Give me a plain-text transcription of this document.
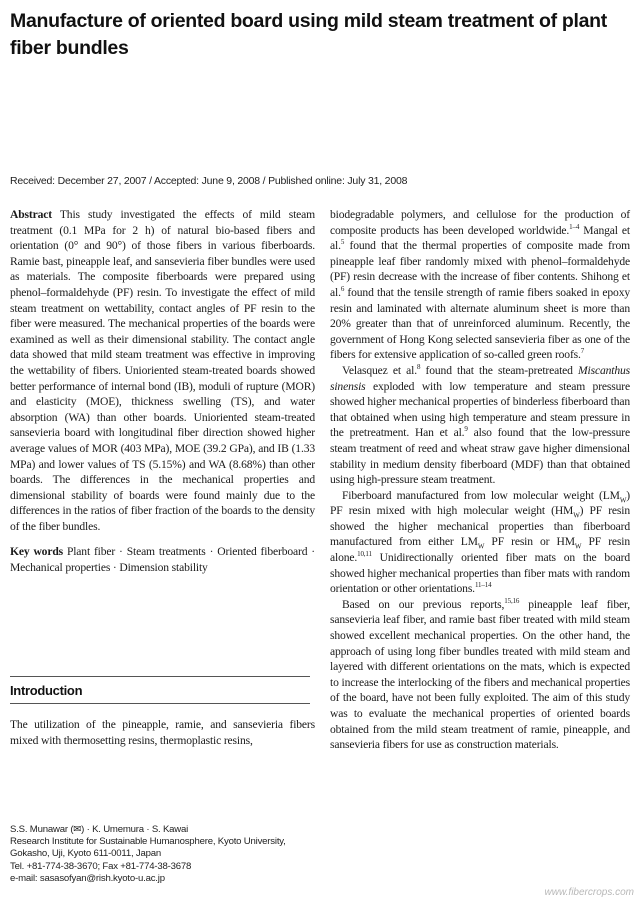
Manufacture of oriented board using mild steam treatment of plant fiber bundles
Received: December 27, 2007 / Accepted: June 9, 2008 / Published online: July 31, 2008

Abstract This study investigated the effects of mild steam treatment (0.1 MPa for 2 h) of natural bio-based fibers and orientation (0° and 90°) of those fibers in various fiberboards. Ramie bast, pineapple leaf, and sansevieria fiber bundles were used as materials. The composite fiberboards were prepared using phenol–formaldehyde (PF) resin. To investigate the effect of mild steam treatment on wettability, contact angles of PF resin to the fiber were measured. The mechanical properties of the boards were examined as well as their dimensional stability. The contact angle data showed that mild steam treatment was effective in improving the wettability of fibers. Unioriented steam-treated boards showed better performance of internal bond (IB), moduli of rupture (MOR) and elasticity (MOE), thickness swelling (TS), and water absorption (WA) than other boards. Unioriented steam-treated sansevieria board with longitudinal fiber direction showed higher average values of MOR (403 MPa), MOE (39.2 GPa), and IB (1.33 MPa) and lower values of TS (5.15%) and WA (8.68%) than other boards. The differences in the mechanical properties and dimensional stability of boards were found mainly due to the differences in the ratios of fiber fraction of the boards to the density of the fiber bundles.

Key words Plant fiber · Steam treatments · Oriented fiberboard · Mechanical properties · Dimension stability

Introduction
The utilization of the pineapple, ramie, and sansevieria fibers mixed with thermosetting resins, thermoplastic resins,
S.S. Munawar (✉) · K. Umemura · S. Kawai
Research Institute for Sustainable Humanosphere, Kyoto University,
Gokasho, Uji, Kyoto 611-0011, Japan
Tel. +81-774-38-3670; Fax +81-774-38-3678
e-mail: sasasofyan@rish.kyoto-u.ac.jp

biodegradable polymers, and cellulose for the production of composite products has been developed worldwide.$^{1-4}$ Mangal et al.$^5$ found that the thermal properties of composite made from pineapple leaf fiber randomly mixed with phenol–formaldehyde (PF) resin decrease with the increase of fiber contents. Shihong et al.$^6$ found that the tensile strength of ramie fibers soaked in epoxy resin and laminated with alternate aluminum sheet is more than 20% greater than that of unreinforced aluminum. Recently, the government of Hong Kong selected sansevieria fiber as one of the fibers for extensive application of so-called green roofs.$^7$

Velasquez et al.$^8$ found that the steam-pretreated Miscanthus sinensis exploded with low temperature and steam pressure showed higher mechanical properties of binderless fiberboard than that obtained when using high temperature and steam pressure in the pretreatment. Han et al.$^9$ also found that the low-pressure steam treatment of reed and wheat straw gave higher dimensional stability in medium density fiberboard (MDF) than that obtained using high-pressure steam treatment.

Fiberboard manufactured from low molecular weight $(LM_W)$ PF resin mixed with high molecular weight $(HM_W)$ PF resin showed the higher mechanical properties than fiberboard manufactured from either $LM_W$ PF resin or $HM_W$ PF resin alone.$^{10,11}$ Unidirectionally oriented fiber mats on the board showed higher mechanical properties than fiber mats with random orientation or other orientations.$^{11-14}$

Based on our previous reports,$^{15,16}$ pineapple leaf fiber, sansevieria leaf fiber, and ramie bast fiber treated with mild steam showed excellent mechanical properties. On the other hand, the approach of using long fiber bundles treated with mild steam and layered with different orientations on the mats, which is expected to increase the interlocking of the fibers and mechanical properties of the board, have not been fully exploited. The aim of this study was to evaluate the mechanical properties of oriented boards obtained from the mild steam treatment of ramie, pineapple, and sansevieria fibers for use as construction materials.

www.fibercrops.com
